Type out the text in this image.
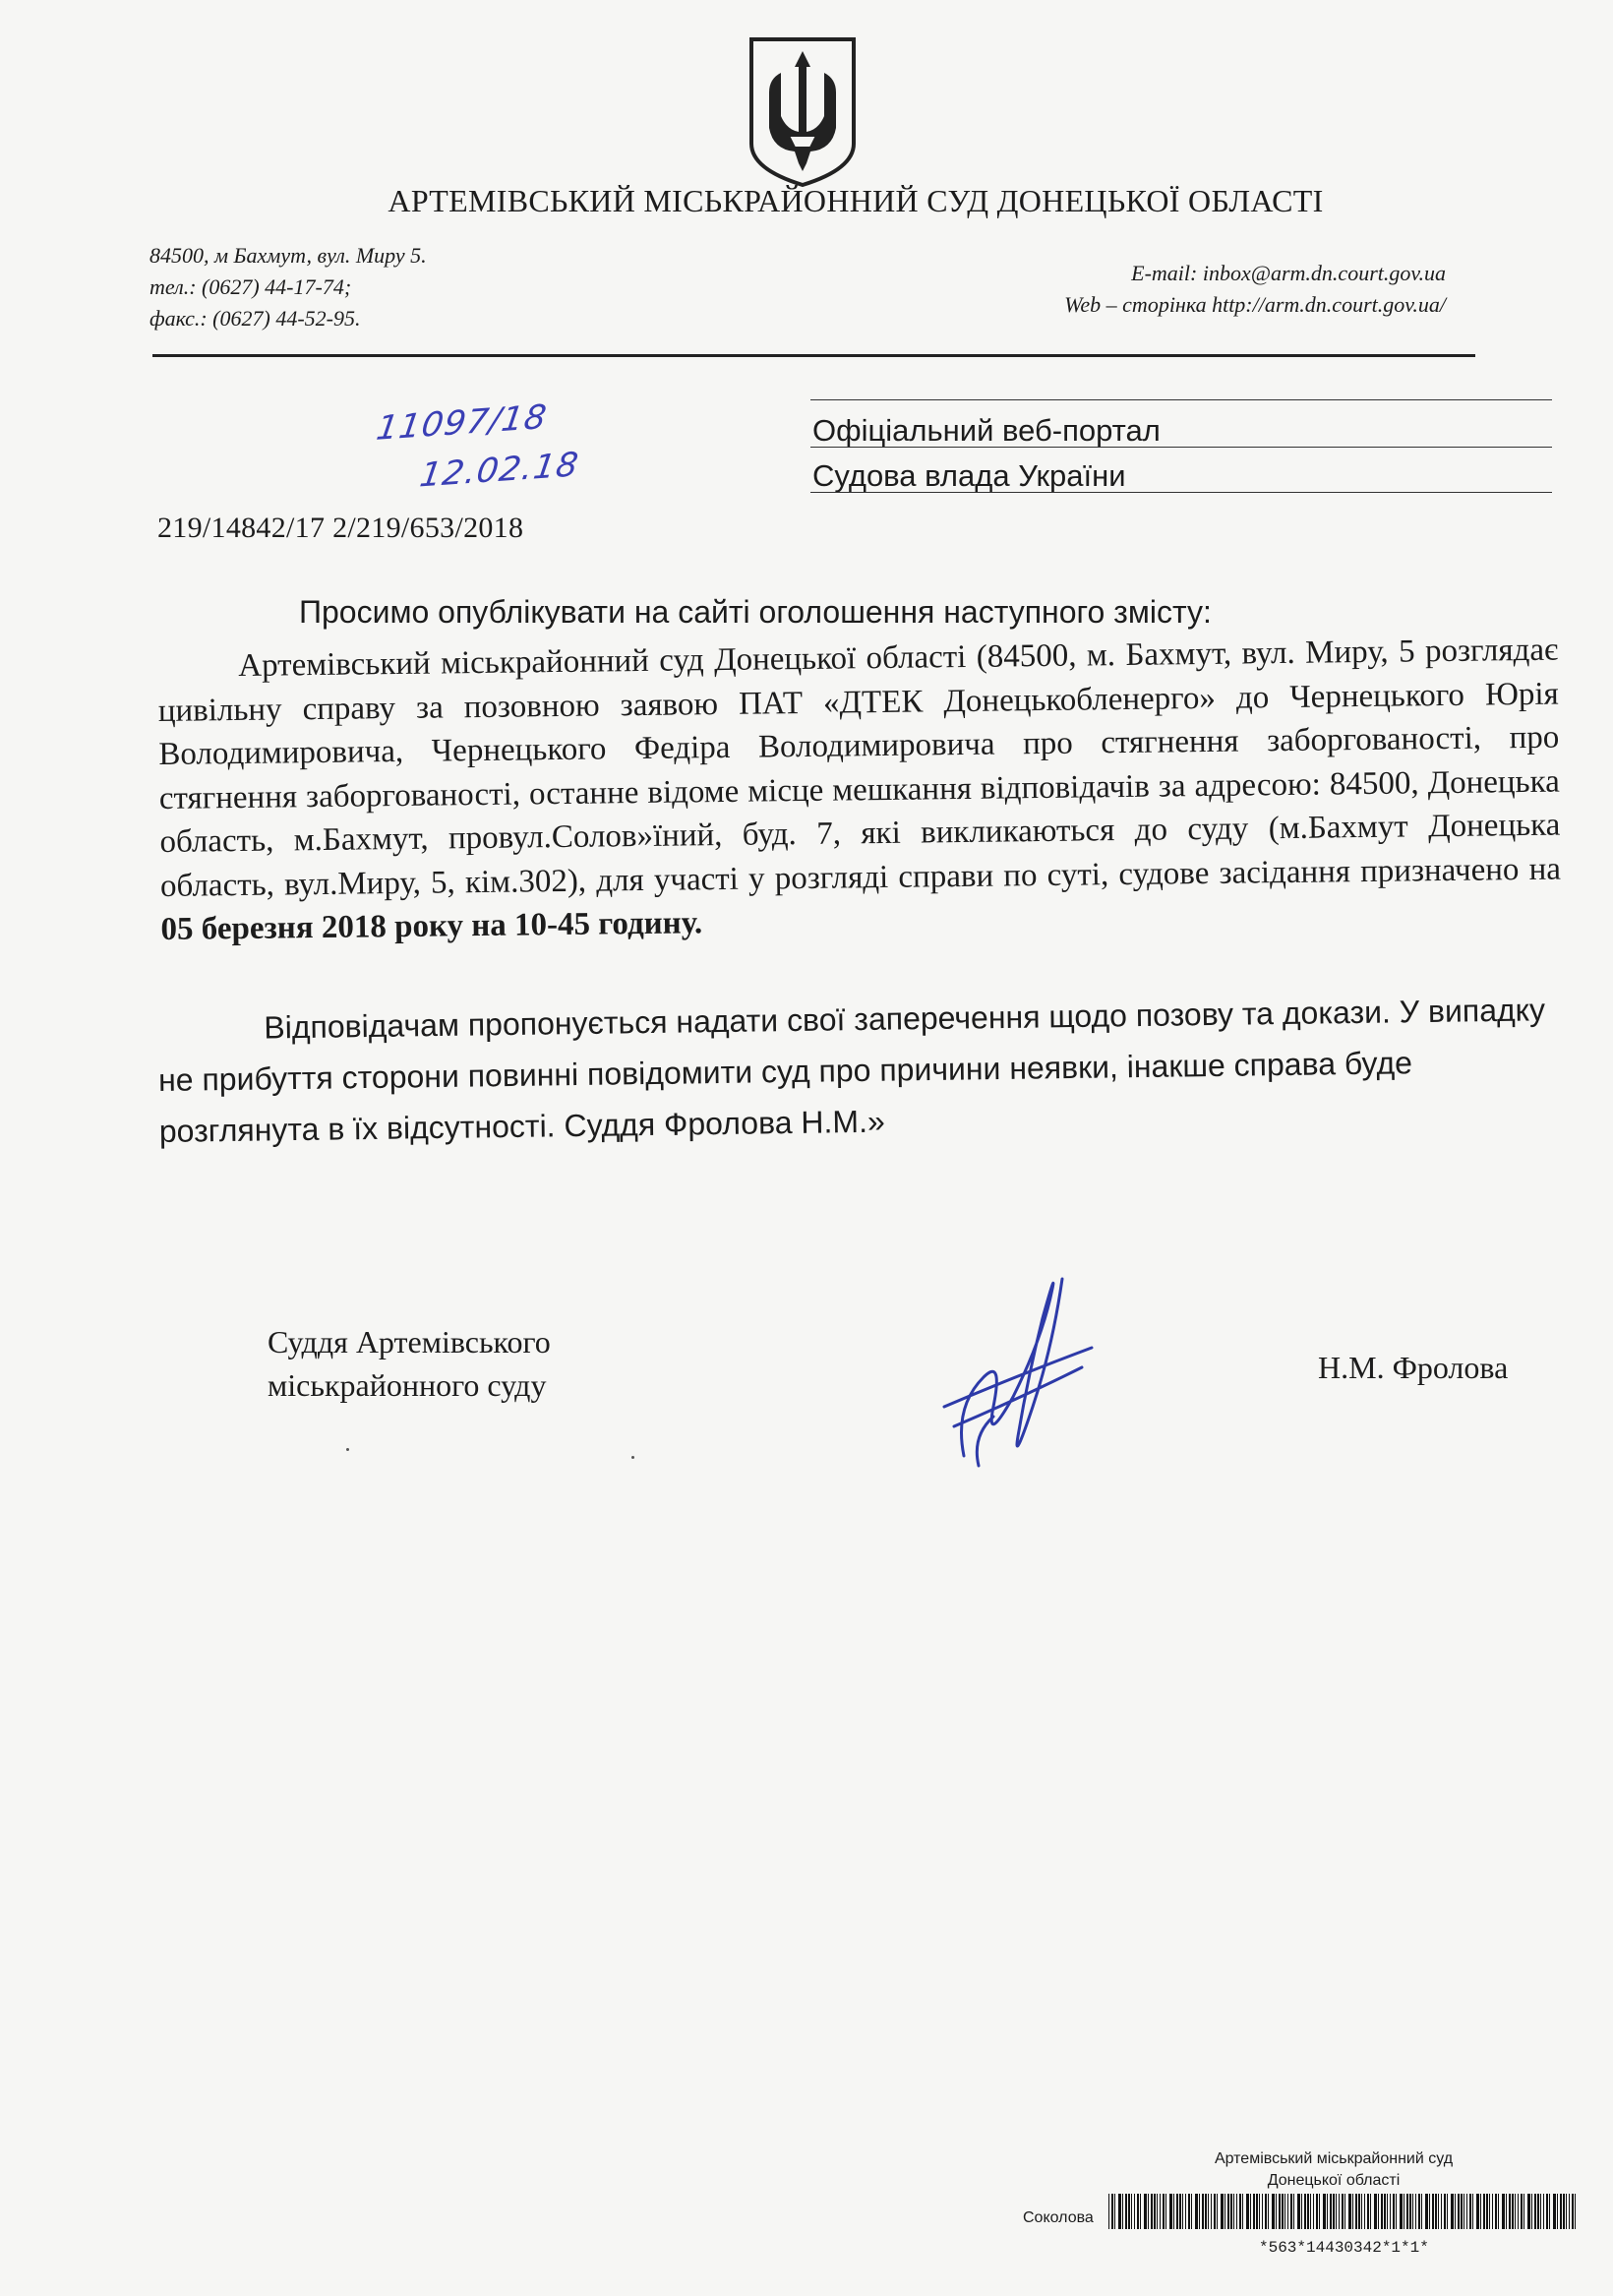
АРТЕМІВСЬКИЙ МІСЬКРАЙОННИЙ СУД ДОНЕЦЬКОЇ ОБЛАСТІ
84500, м Бахмут, вул. Миру 5.
тел.: (0627) 44-17-74;
факс.: (0627) 44-52-95.
E-mail: inbox@arm.dn.court.gov.ua
Web – сторінка http://arm.dn.court.gov.ua/
11097/18
12.02.18
Офіціальний веб-портал
Судова влада України
219/14842/17 2/219/653/2018
Просимо опублікувати на сайті оголошення наступного змісту:
Артемівський міськрайонний суд Донецької області (84500, м. Бахмут, вул. Миру, 5 розглядає цивільну справу за позовною заявою ПАТ «ДТЕК Донецькобленерго» до Чернецького Юрія Володимировича, Чернецького Федіра Володимировича про стягнення заборгованості, про стягнення заборгованості, останне відоме місце мешкання відповідачів за адресою: 84500, Донецька область, м.Бахмут, провул.Солов»їний, буд. 7, які викликаються до суду (м.Бахмут Донецька область, вул.Миру, 5, кім.302), для участі у розгляді справи по суті, судове засідання призначено на 05 березня 2018 року на 10-45 годину.
Відповідачам пропонується надати свої заперечення щодо позову та докази. У випадку не прибуття сторони повинні повідомити суд про причини неявки, інакше справа буде розглянута в їх відсутності. Суддя Фролова Н.М.»
Суддя Артемівського
міськрайонного суду	Н.М. Фролова
Артемівський міськрайонний суд
Донецької області
Соколова
*563*14430342*1*1*
